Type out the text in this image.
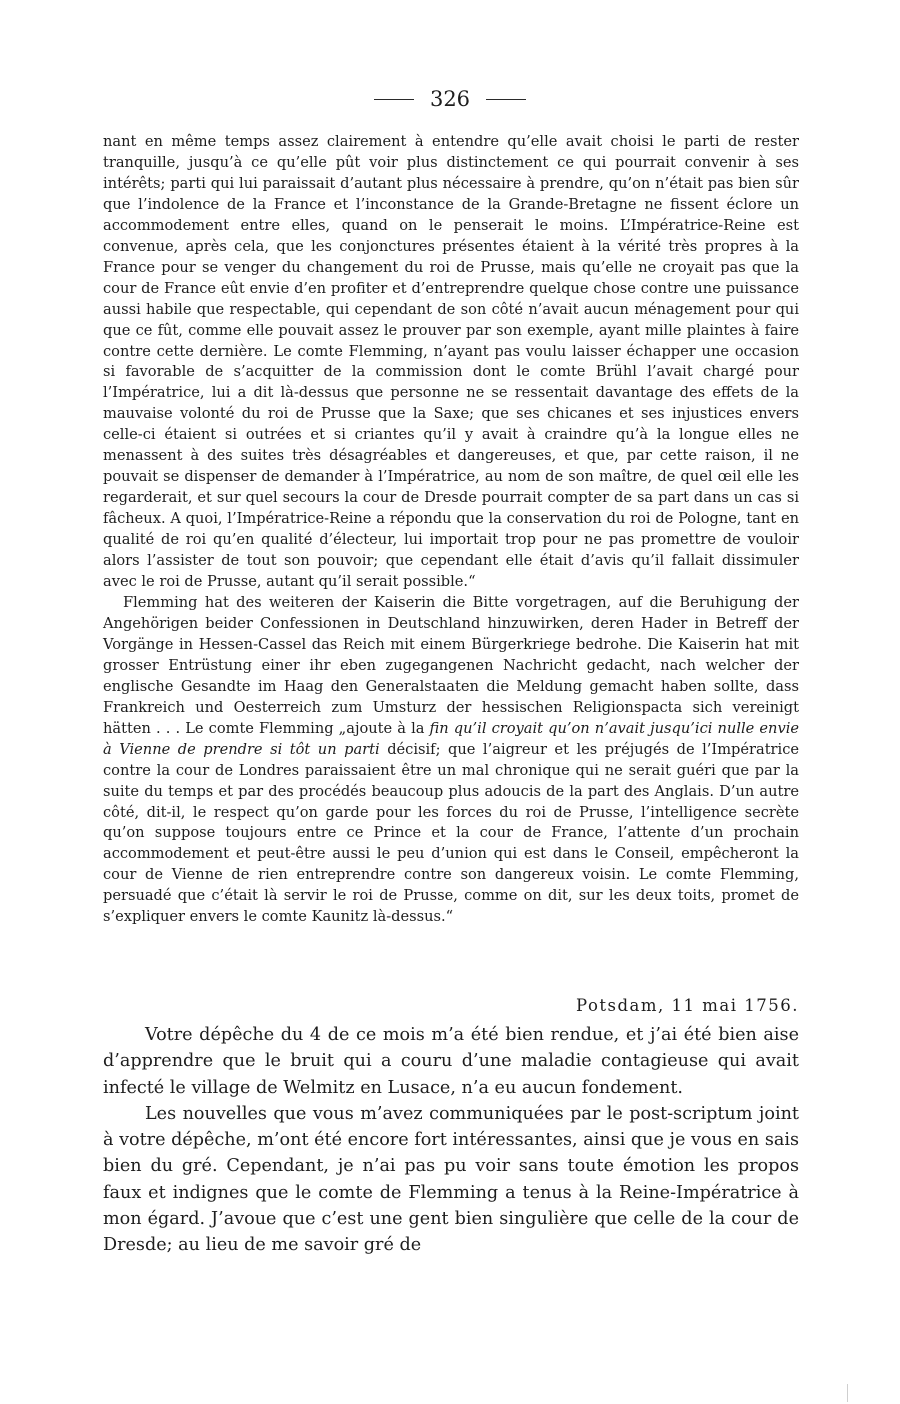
326

nant en même temps assez clairement à entendre qu’elle avait choisi le parti de rester tranquille, jusqu’à ce qu’elle pût voir plus distinctement ce qui pourrait convenir à ses intérêts; parti qui lui paraissait d’autant plus nécessaire à prendre, qu’on n’était pas bien sûr que l’indolence de la France et l’inconstance de la Grande-Bretagne ne fissent éclore un accommodement entre elles, quand on le penserait le moins. L’Impératrice-Reine est convenue, après cela, que les conjonctures présentes étaient à la vérité très propres à la France pour se venger du changement du roi de Prusse, mais qu’elle ne croyait pas que la cour de France eût envie d’en profiter et d’entreprendre quelque chose contre une puissance aussi habile que respectable, qui cependant de son côté n’avait aucun ménagement pour qui que ce fût, comme elle pouvait assez le prouver par son exemple, ayant mille plaintes à faire contre cette dernière. Le comte Flemming, n’ayant pas voulu laisser échapper une occasion si favorable de s’acquitter de la commission dont le comte Brühl l’avait chargé pour l’Impératrice, lui a dit là-dessus que personne ne se ressentait davantage des effets de la mauvaise volonté du roi de Prusse que la Saxe; que ses chicanes et ses injustices envers celle-ci étaient si outrées et si criantes qu’il y avait à craindre qu’à la longue elles ne menassent à des suites très désagréables et dangereuses, et que, par cette raison, il ne pouvait se dispenser de demander à l’Impératrice, au nom de son maître, de quel œil elle les regarderait, et sur quel secours la cour de Dresde pourrait compter de sa part dans un cas si fâcheux. A quoi, l’Impératrice-Reine a répondu que la conservation du roi de Pologne, tant en qualité de roi qu’en qualité d’électeur, lui importait trop pour ne pas promettre de vouloir alors l’assister de tout son pouvoir; que cependant elle était d’avis qu’il fallait dissimuler avec le roi de Prusse, autant qu’il serait possible.“

Flemming hat des weiteren der Kaiserin die Bitte vorgetragen, auf die Beruhigung der Angehörigen beider Confessionen in Deutschland hinzuwirken, deren Hader in Betreff der Vorgänge in Hessen-Cassel das Reich mit einem Bürgerkriege bedrohe. Die Kaiserin hat mit grosser Entrüstung einer ihr eben zugegangenen Nachricht gedacht, nach welcher der englische Gesandte im Haag den Generalstaaten die Meldung gemacht haben sollte, dass Frankreich und Oesterreich zum Umsturz der hessischen Religionspacta sich vereinigt hätten . . . Le comte Flemming „ajoute à la fin qu’il croyait qu’on n’avait jusqu’ici nulle envie à Vienne de prendre si tôt un parti décisif; que l’aigreur et les préjugés de l’Impératrice contre la cour de Londres paraissaient être un mal chronique qui ne serait guéri que par la suite du temps et par des procédés beaucoup plus adoucis de la part des Anglais. D’un autre côté, dit-il, le respect qu’on garde pour les forces du roi de Prusse, l’intelligence secrète qu’on suppose toujours entre ce Prince et la cour de France, l’attente d’un prochain accommodement et peut-être aussi le peu d’union qui est dans le Conseil, empêcheront la cour de Vienne de rien entreprendre contre son dangereux voisin. Le comte Flemming, persuadé que c’était là servir le roi de Prusse, comme on dit, sur les deux toits, promet de s’expliquer envers le comte Kaunitz là-dessus.“

Potsdam, 11 mai 1756.

Votre dépêche du 4 de ce mois m’a été bien rendue, et j’ai été bien aise d’apprendre que le bruit qui a couru d’une maladie contagieuse qui avait infecté le village de Welmitz en Lusace, n’a eu aucun fondement.

Les nouvelles que vous m’avez communiquées par le post-scriptum joint à votre dépêche, m’ont été encore fort intéressantes, ainsi que je vous en sais bien du gré. Cependant, je n’ai pas pu voir sans toute émotion les propos faux et indignes que le comte de Flemming a tenus à la Reine-Impératrice à mon égard. J’avoue que c’est une gent bien singulière que celle de la cour de Dresde; au lieu de me savoir gré de
